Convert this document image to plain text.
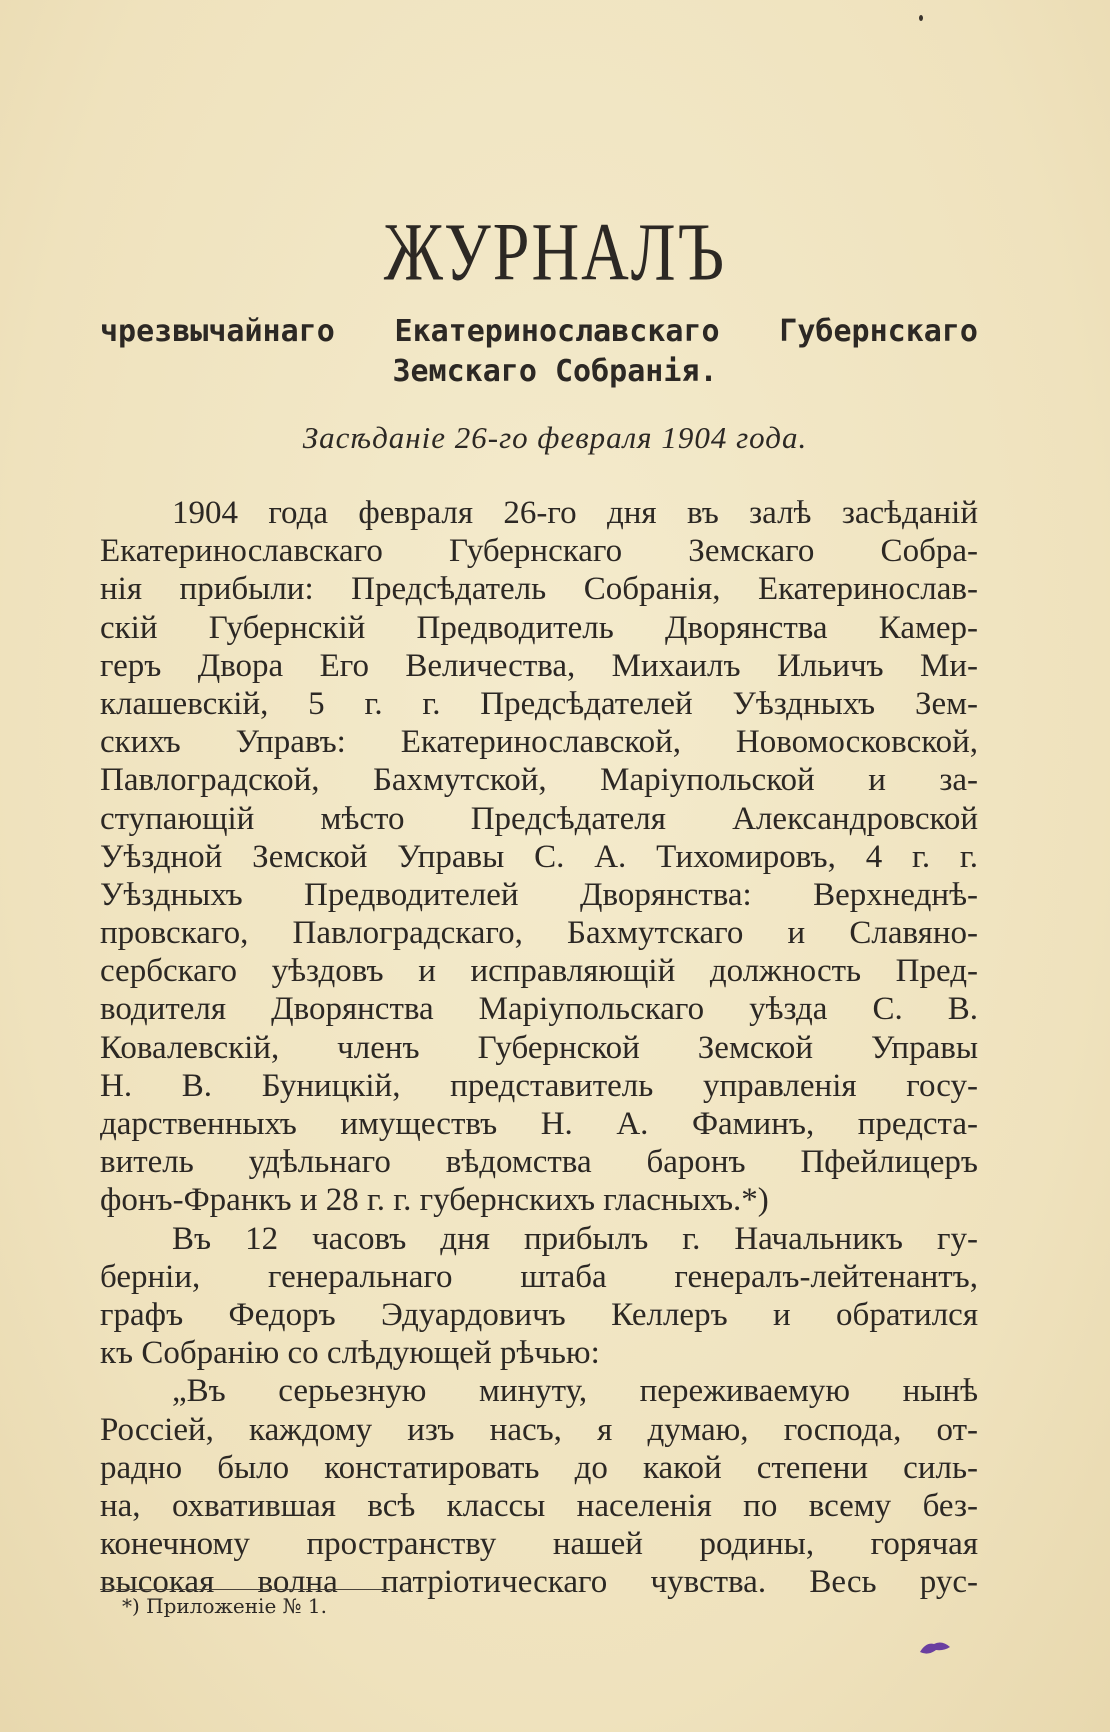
ЖУРНАЛЪ

чрезвычайнаго Екатеринославскаго Губернскаго

Земскаго Собранія.

Засѣданіе 26-го февраля 1904 года.

1904 года февраля 26-го дня въ залѣ засѣданій
Екатеринославскаго Губернскаго Земскаго Собра-
нія прибыли: Предсѣдатель Собранія, Екатеринослав-
скій Губернскій Предводитель Дворянства Камер-
геръ Двора Его Величества, Михаилъ Ильичъ Ми-
клашевскій, 5 г. г. Предсѣдателей Уѣздныхъ Зем-
скихъ Управъ: Екатеринославской, Новомосковской,
Павлоградской, Бахмутской, Маріупольской и за-
ступающій мѣсто Предсѣдателя Александровской
Уѣздной Земской Управы С. А. Тихомировъ, 4 г. г.
Уѣздныхъ Предводителей Дворянства: Верхнеднѣ-
провскаго, Павлоградскаго, Бахмутскаго и Славяно-
сербскаго уѣздовъ и исправляющій должность Пред-
водителя Дворянства Маріупольскаго уѣзда С. В.
Ковалевскій, членъ Губернской Земской Управы
Н. В. Буницкій, представитель управленія госу-
дарственныхъ имуществъ Н. А. Фаминъ, предста-
витель удѣльнаго вѣдомства баронъ Пфейлицеръ
фонъ-Франкъ и 28 г. г. губернскихъ гласныхъ.*)
Въ 12 часовъ дня прибылъ г. Начальникъ гу-
берніи, генеральнаго штаба генералъ-лейтенантъ,
графъ Федоръ Эдуардовичъ Келлеръ и обратился
къ Собранію со слѣдующей рѣчью:
„Въ серьезную минуту, переживаемую нынѣ
Россіей, каждому изъ насъ, я думаю, господа, от-
радно было констатировать до какой степени силь-
на, охватившая всѣ классы населенія по всему без-
конечному пространству нашей родины, горячая
высокая волна патріотическаго чувства. Весь рус-
*) Приложеніе № 1.
